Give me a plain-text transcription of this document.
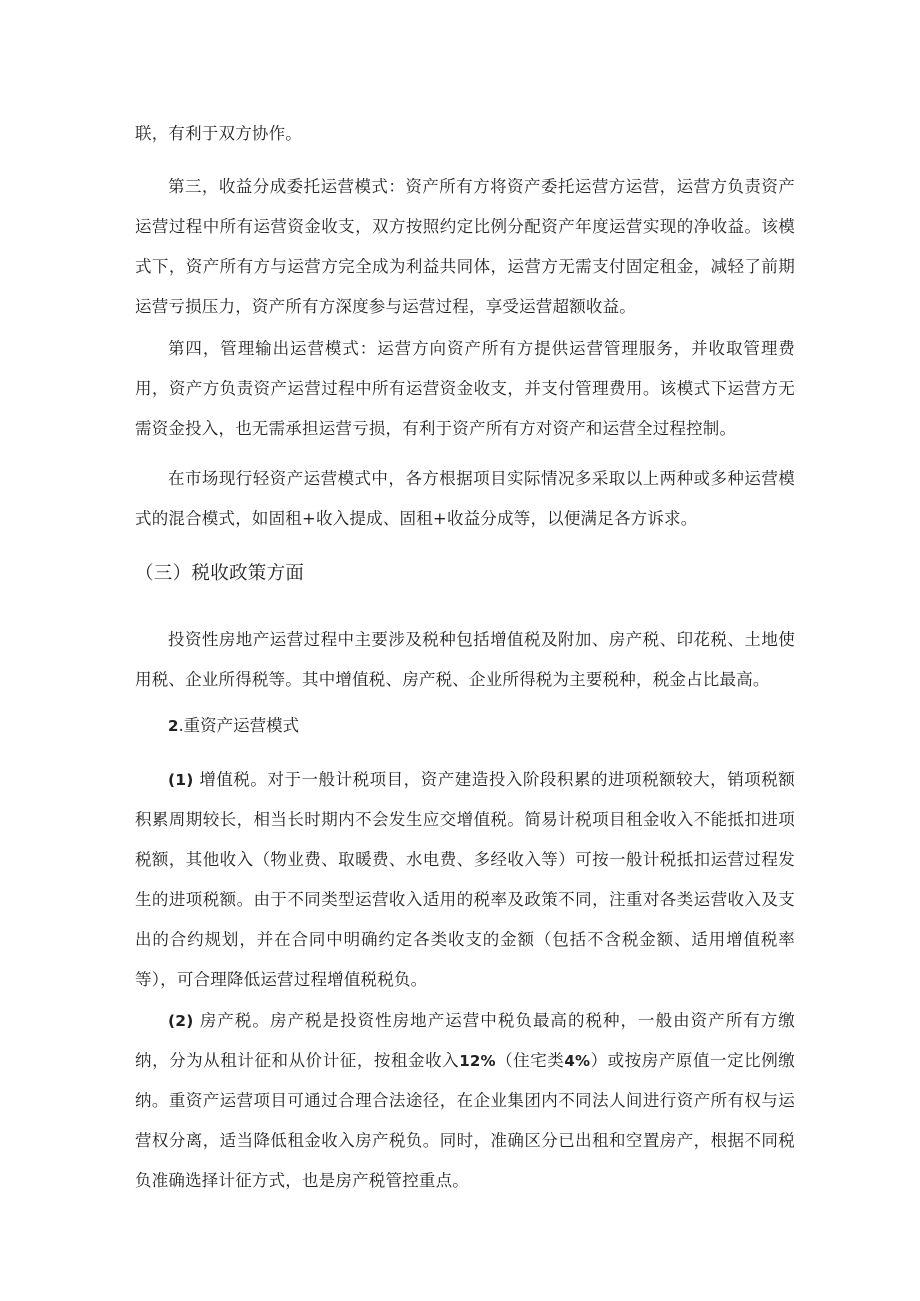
联，有利于双方协作。

第三，收益分成委托运营模式：资产所有方将资产委托运营方运营，运营方负责资产运营过程中所有运营资金收支，双方按照约定比例分配资产年度运营实现的净收益。该模式下，资产所有方与运营方完全成为利益共同体，运营方无需支付固定租金，减轻了前期运营亏损压力，资产所有方深度参与运营过程，享受运营超额收益。

第四，管理输出运营模式：运营方向资产所有方提供运营管理服务，并收取管理费用，资产方负责资产运营过程中所有运营资金收支，并支付管理费用。该模式下运营方无需资金投入，也无需承担运营亏损，有利于资产所有方对资产和运营全过程控制。

在市场现行轻资产运营模式中，各方根据项目实际情况多采取以上两种或多种运营模式的混合模式，如固租+收入提成、固租+收益分成等，以便满足各方诉求。

（三）税收政策方面

投资性房地产运营过程中主要涉及税种包括增值税及附加、房产税、印花税、土地使用税、企业所得税等。其中增值税、房产税、企业所得税为主要税种，税金占比最高。

2.重资产运营模式

(1) 增值税。对于一般计税项目，资产建造投入阶段积累的进项税额较大，销项税额积累周期较长，相当长时期内不会发生应交增值税。简易计税项目租金收入不能抵扣进项税额，其他收入（物业费、取暖费、水电费、多经收入等）可按一般计税抵扣运营过程发生的进项税额。由于不同类型运营收入适用的税率及政策不同，注重对各类运营收入及支出的合约规划，并在合同中明确约定各类收支的金额（包括不含税金额、适用增值税率等），可合理降低运营过程增值税税负。

(2) 房产税。房产税是投资性房地产运营中税负最高的税种，一般由资产所有方缴纳，分为从租计征和从价计征，按租金收入12%（住宅类4%）或按房产原值一定比例缴纳。重资产运营项目可通过合理合法途径，在企业集团内不同法人间进行资产所有权与运营权分离，适当降低租金收入房产税负。同时，准确区分已出租和空置房产，根据不同税负准确选择计征方式，也是房产税管控重点。
